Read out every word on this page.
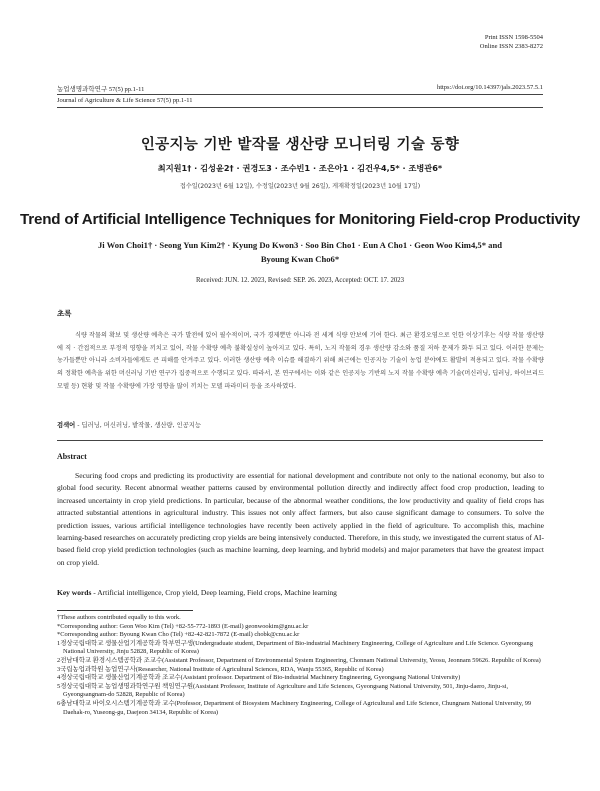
Print ISSN 1598-5504
Online ISSN 2383-8272
농업생명과학연구 57(5) pp.1-11	https://doi.org/10.14397/jals.2023.57.5.1
Journal of Agriculture & Life Science 57(5) pp.1-11
인공지능 기반 밭작물 생산량 모니터링 기술 동향
최지원1† · 김성윤2† · 권경도3 · 조수빈1 · 조은아1 · 김건우4,5* · 조병관6*
접수일(2023년 6월 12일), 수정일(2023년 9월 26일), 게재확정일(2023년 10월 17일)
Trend of Artificial Intelligence Techniques for Monitoring Field-crop Productivity
Ji Won Choi1† · Seong Yun Kim2† · Kyung Do Kwon3 · Soo Bin Cho1 · Eun A Cho1 · Geon Woo Kim4,5* and Byoung Kwan Cho6*
Received: JUN. 12. 2023, Revised: SEP. 26. 2023, Accepted: OCT. 17. 2023
초록
식량 작물의 확보 및 생산량 예측은 국가 발전에 있어 필수적이며, 국가 경제뿐만 아니라 전 세계 식량 안보에 기여 한다. 최근 환경오염으로 인한 이상기후는 식량 작물 생산량에 직 · 간접적으로 부정적 영향을 끼치고 있어, 작물 수확량 예측 불확실성이 높아지고 있다. 특히, 노지 작물의 경우 생산량 감소와 품질 저하 문제가 화두 되고 있다. 이러한 문제는 농가들뿐만 아니라 소비자들에게도 큰 피해를 안겨주고 있다. 이러한 생산량 예측 이슈를 해결하기 위해 최근에는 인공지능 기술이 농업 분야에도 활발히 적용되고 있다. 작물 수확량의 정확한 예측을 위한 머신러닝 기반 연구가 집중적으로 수행되고 있다. 따라서, 본 연구에서는 이와 같은 인공지능 기반의 노지 작물 수확량 예측 기술(머신러닝, 딥러닝, 하이브리드 모델 등) 현황 및 작물 수확량에 가장 영향을 많이 끼치는 모델 파라미터 등을 조사하였다.
검색어 - 딥러닝, 머신러닝, 밭작물, 생산량, 인공지능
Abstract
Securing food crops and predicting its productivity are essential for national development and contribute not only to the national economy, but also to global food security. Recent abnormal weather patterns caused by environmental pollution directly and indirectly affect food crop production, leading to increased uncertainty in crop yield predictions. In particular, because of the abnormal weather conditions, the low productivity and quality of field crops has attracted substantial attentions in agricultural industry. This issues not only affect farmers, but also cause significant damage to consumers. To solve the prediction issues, various artificial intelligence technologies have recently been actively applied in the field of agriculture. To accomplish this, machine learning-based researches on accurately predicting crop yields are being intensively conducted. Therefore, in this study, we investigated the current status of AI-based field crop yield prediction technologies (such as machine learning, deep learning, and hybrid models) and major parameters that have the greatest impact on crop yield.
Key words - Artificial intelligence, Crop yield, Deep learning, Field crops, Machine learning

†These authors contributed equally to this work.

*Corresponding author: Geon Woo Kim (Tel) +82-55-772-1893 (E-mail) geonwookim@gnu.ac.kr

*Corresponding author: Byoung Kwan Cho (Tel) +82-42-821-7872 (E-mail) chobk@cnu.ac.kr

1경상국립대학교 생물산업기계공학과 학부연구생(Undergraduate student, Department of Bio-industrial Machinery Engineering, College of Agriculture and Life Science. Gyeongsang National University, Jinju 52828, Republic of Korea)

2전남대학교 환경시스템공학과 조교수(Assistant Professor, Department of Environmental System Engineering, Chonnam National University, Yeosu, Jeonnam 59626. Republic of Korea)

3국립농업과학원 농업연구사(Researcher, National Institute of Agricultural Sciences, RDA, Wanju 55365, Republic of Korea)

4경상국립대학교 생물산업기계공학과 조교수(Assistant professor. Department of Bio-industrial Machinery Engineering, Gyeongsang National University)

5경상국립대학교 농업생명과학연구원 책임연구원(Assistant Professor, Institute of Agriculture and Life Sciences, Gyeongsang National University, 501, Jinju-daero, Jinju-si, Gyeongsangnam-do 52828, Republic of Korea)

6충남대학교 바이오시스템기계공학과 교수(Professor, Department of Biosystem Machinery Engineering, College of Agricultural and Life Science, Chungnam National University, 99 Daehak-ro, Yuseong-gu, Daejeon 34134, Republic of Korea)
